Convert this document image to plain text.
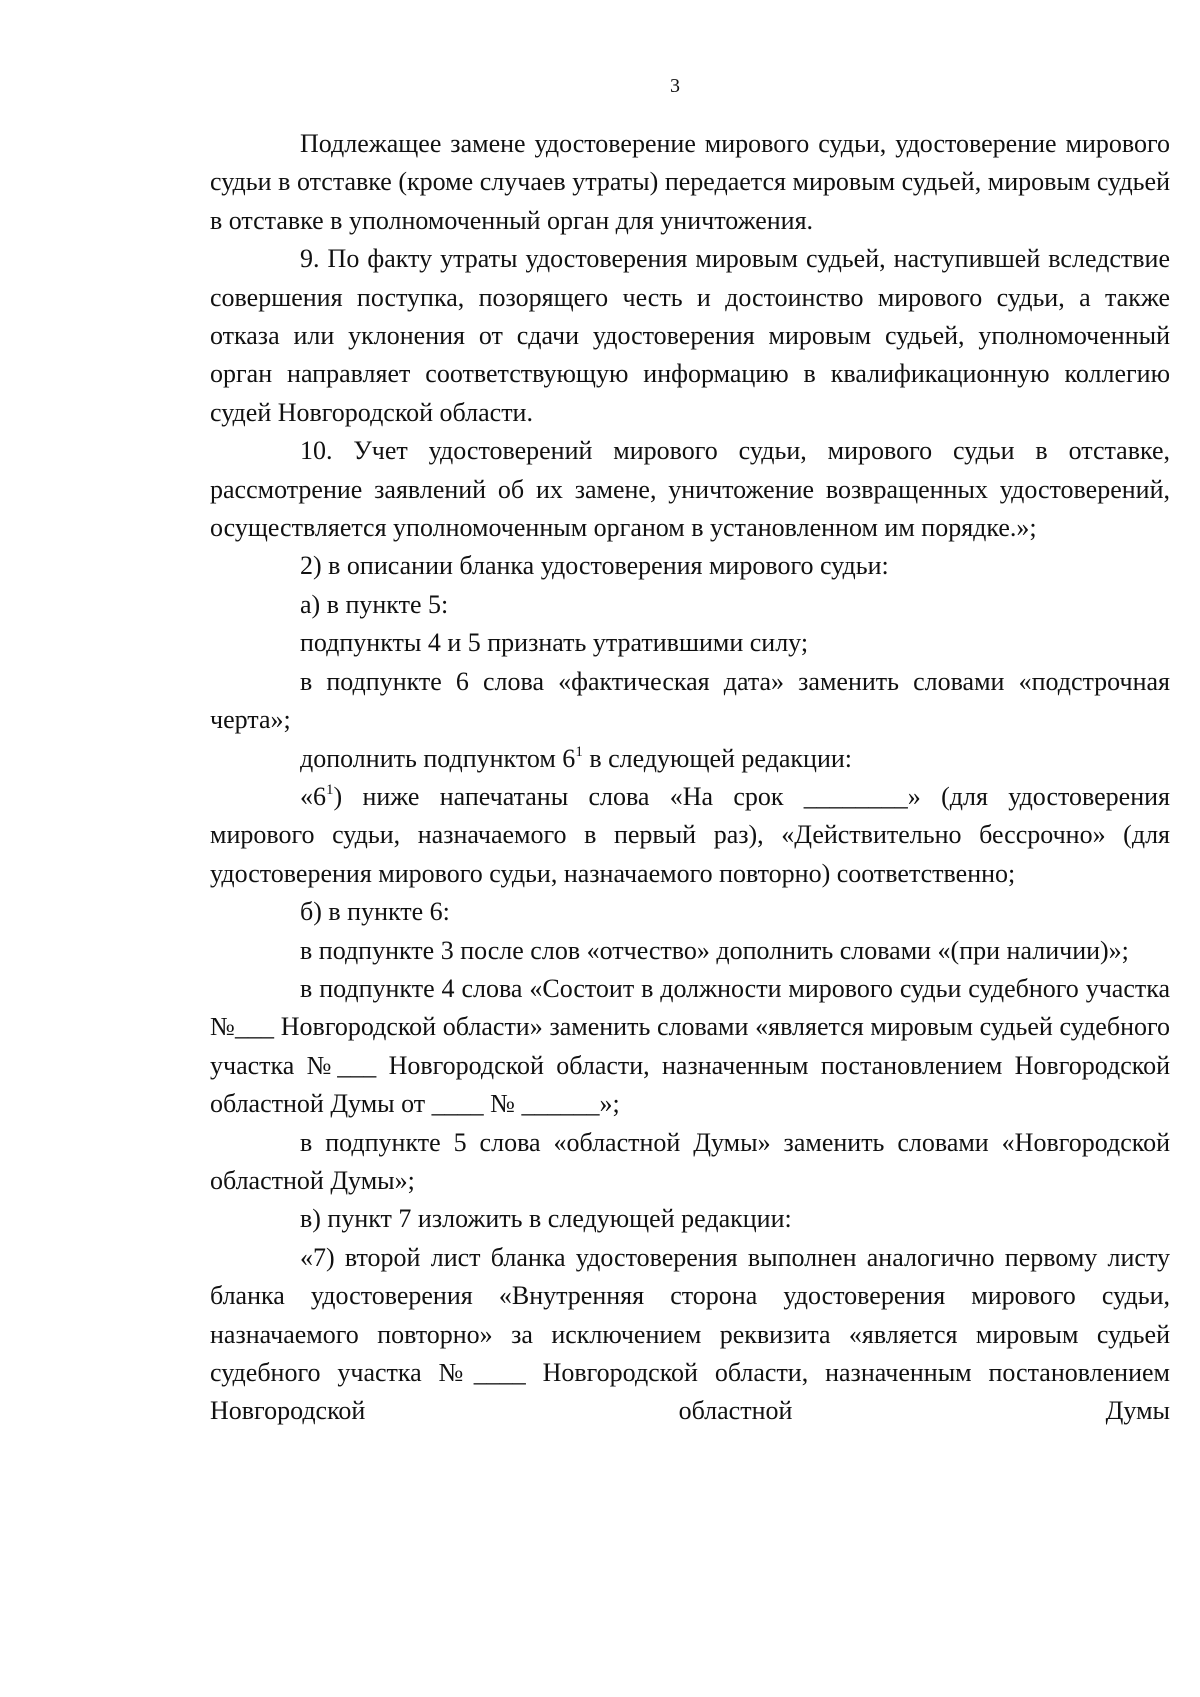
3

Подлежащее замене удостоверение мирового судьи, удостоверение мирового судьи в отставке (кроме случаев утраты) передается мировым судьей, мировым судьей в отставке в уполномоченный орган для уничтожения.

9. По факту утраты удостоверения мировым судьей, наступившей вследствие совершения поступка, позорящего честь и достоинство мирового судьи, а также отказа или уклонения от сдачи удостоверения мировым судьей, уполномоченный орган направляет соответствующую информацию в квалификационную коллегию судей Новгородской области.

10. Учет удостоверений мирового судьи, мирового судьи в отставке, рассмотрение заявлений об их замене, уничтожение возвращенных удостоверений, осуществляется уполномоченным органом в установленном им порядке.»;

2) в описании бланка удостоверения мирового судьи:

а) в пункте 5:

подпункты 4 и 5 признать утратившими силу;

в подпункте 6 слова «фактическая дата» заменить словами «подстрочная черта»;

дополнить подпунктом $6^1$ в следующей редакции:

«$6^1$) ниже напечатаны слова «На срок ________» (для удостоверения мирового судьи, назначаемого в первый раз), «Действительно бессрочно» (для удостоверения мирового судьи, назначаемого повторно) соответственно;

б) в пункте 6:

в подпункте 3 после слов «отчество» дополнить словами «(при наличии)»;

в подпункте 4 слова «Состоит в должности мирового судьи судебного участка №___ Новгородской области» заменить словами «является мировым судьей судебного участка №___ Новгородской области, назначенным постановлением Новгородской областной Думы от ____ № ______»;

в подпункте 5 слова «областной Думы» заменить словами «Новгородской областной Думы»;

в) пункт 7 изложить в следующей редакции:

«7) второй лист бланка удостоверения выполнен аналогично первому листу бланка удостоверения «Внутренняя сторона удостоверения мирового судьи, назначаемого повторно» за исключением реквизита «является мировым судьей судебного участка №____ Новгородской области, назначенным постановлением Новгородской областной Думы
